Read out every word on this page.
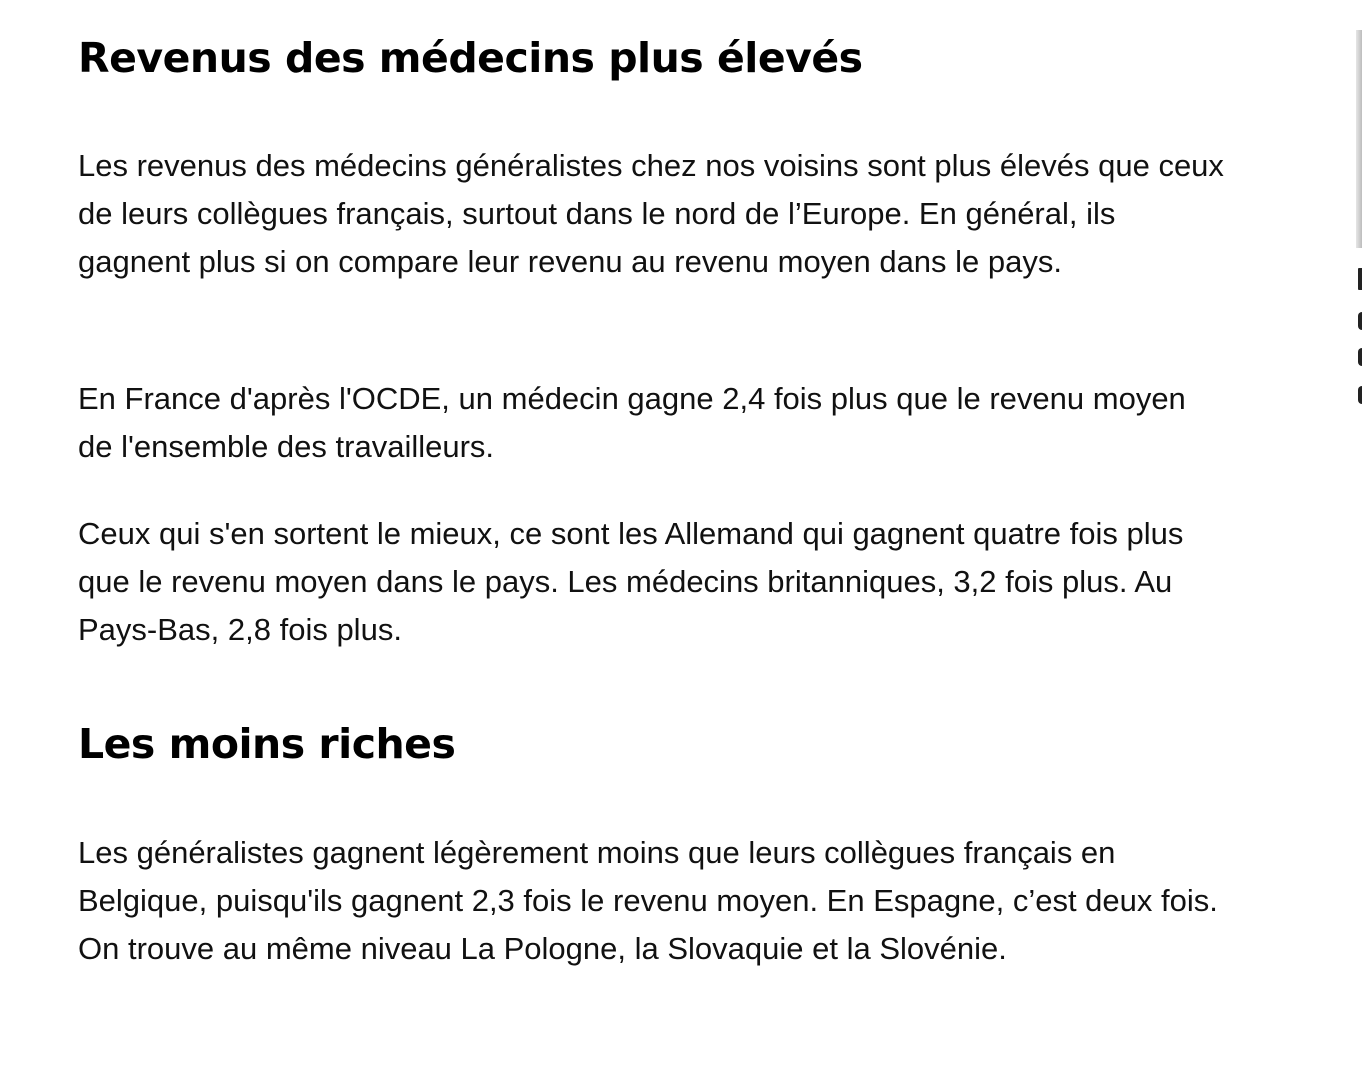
Revenus des médecins plus élevés

Les revenus des médecins généralistes chez nos voisins sont plus élevés que ceux de leurs collègues français, surtout dans le nord de l’Europe. En général, ils gagnent plus si on compare leur revenu au revenu moyen dans le pays.

En France d'après l'OCDE, un médecin gagne 2,4 fois plus que le revenu moyen de l'ensemble des travailleurs.

Ceux qui s'en sortent le mieux, ce sont les Allemand qui gagnent quatre fois plus que le revenu moyen dans le pays. Les médecins britanniques, 3,2 fois plus. Au Pays-Bas, 2,8 fois plus.

Les moins riches

Les généralistes gagnent légèrement moins que leurs collègues français en Belgique, puisqu'ils gagnent 2,3 fois le revenu moyen. En Espagne, c’est deux fois. On trouve au même niveau La Pologne, la Slovaquie et la Slovénie.
